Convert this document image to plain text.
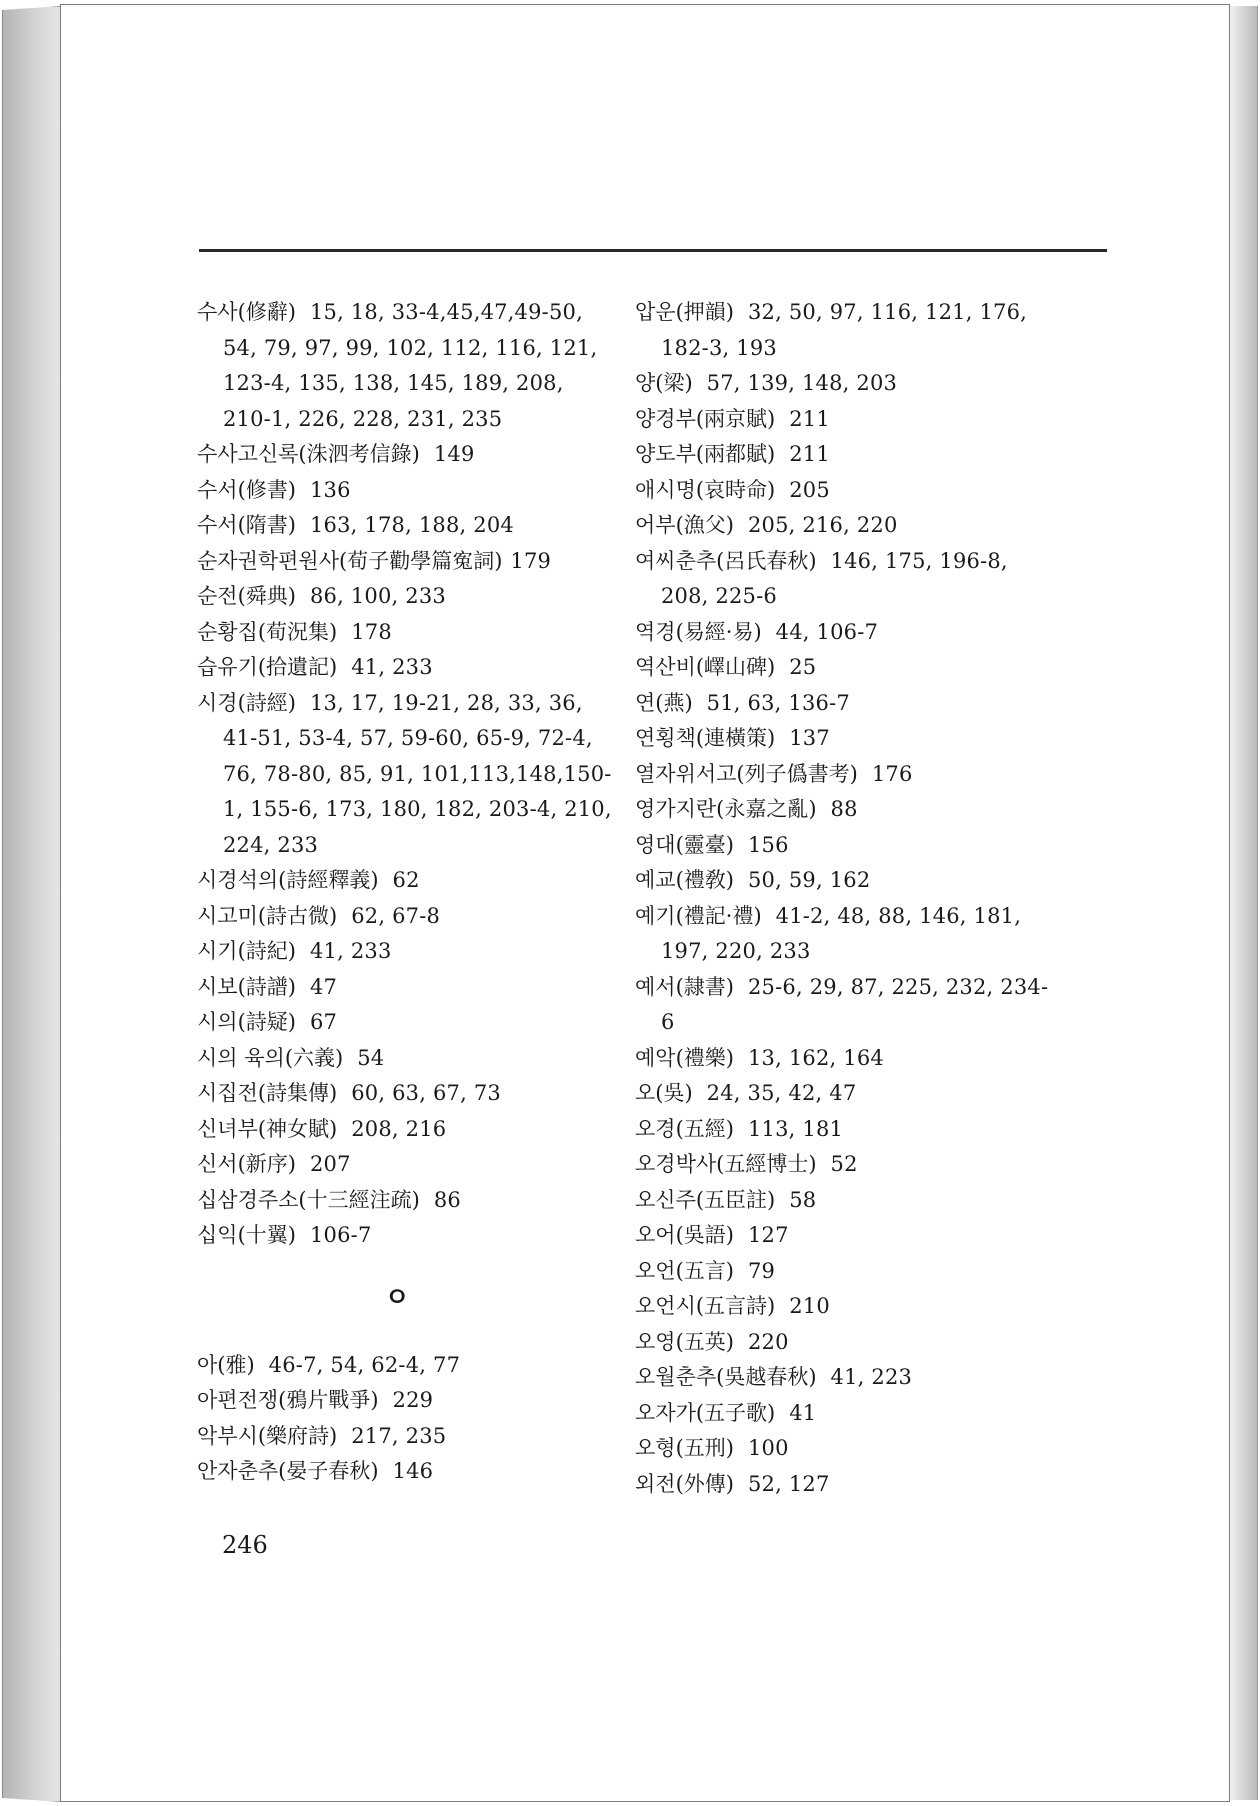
수사(修辭) 15, 18, 33-4,45,47,49-50, 54, 79, 97, 99, 102, 112, 116, 121, 123-4, 135, 138, 145, 189, 208, 210-1, 226, 228, 231, 235
수사고신록(洙泗考信錄) 149
수서(修書) 136
수서(隋書) 163, 178, 188, 204
순자권학편원사(荀子勸學篇寃詞) 179
순전(舜典) 86, 100, 233
순황집(荀況集) 178
습유기(拾遺記) 41, 233
시경(詩經) 13, 17, 19-21, 28, 33, 36, 41-51, 53-4, 57, 59-60, 65-9, 72-4, 76, 78-80, 85, 91, 101,113,148,150-1, 155-6, 173, 180, 182, 203-4, 210, 224, 233
시경석의(詩經釋義) 62
시고미(詩古微) 62, 67-8
시기(詩紀) 41, 233
시보(詩譜) 47
시의(詩疑) 67
시의 육의(六義) 54
시집전(詩集傳) 60, 63, 67, 73
신녀부(神女賦) 208, 216
신서(新序) 207
십삼경주소(十三經注疏) 86
십익(十翼) 106-7
ㅇ
아(雅) 46-7, 54, 62-4, 77
아편전쟁(鴉片戰爭) 229
악부시(樂府詩) 217, 235
안자춘추(晏子春秋) 146
압운(押韻) 32, 50, 97, 116, 121, 176, 182-3, 193
양(梁) 57, 139, 148, 203
양경부(兩京賦) 211
양도부(兩都賦) 211
애시명(哀時命) 205
어부(漁父) 205, 216, 220
여씨춘추(呂氏春秋) 146, 175, 196-8, 208, 225-6
역경(易經·易) 44, 106-7
역산비(嶧山碑) 25
연(燕) 51, 63, 136-7
연횡책(連橫策) 137
열자위서고(列子僞書考) 176
영가지란(永嘉之亂) 88
영대(靈臺) 156
예교(禮敎) 50, 59, 162
예기(禮記·禮) 41-2, 48, 88, 146, 181, 197, 220, 233
예서(隷書) 25-6, 29, 87, 225, 232, 234-6
예악(禮樂) 13, 162, 164
오(吳) 24, 35, 42, 47
오경(五經) 113, 181
오경박사(五經博士) 52
오신주(五臣註) 58
오어(吳語) 127
오언(五言) 79
오언시(五言詩) 210
오영(五英) 220
오월춘추(吳越春秋) 41, 223
오자가(五子歌) 41
오형(五刑) 100
외전(外傳) 52, 127
246
